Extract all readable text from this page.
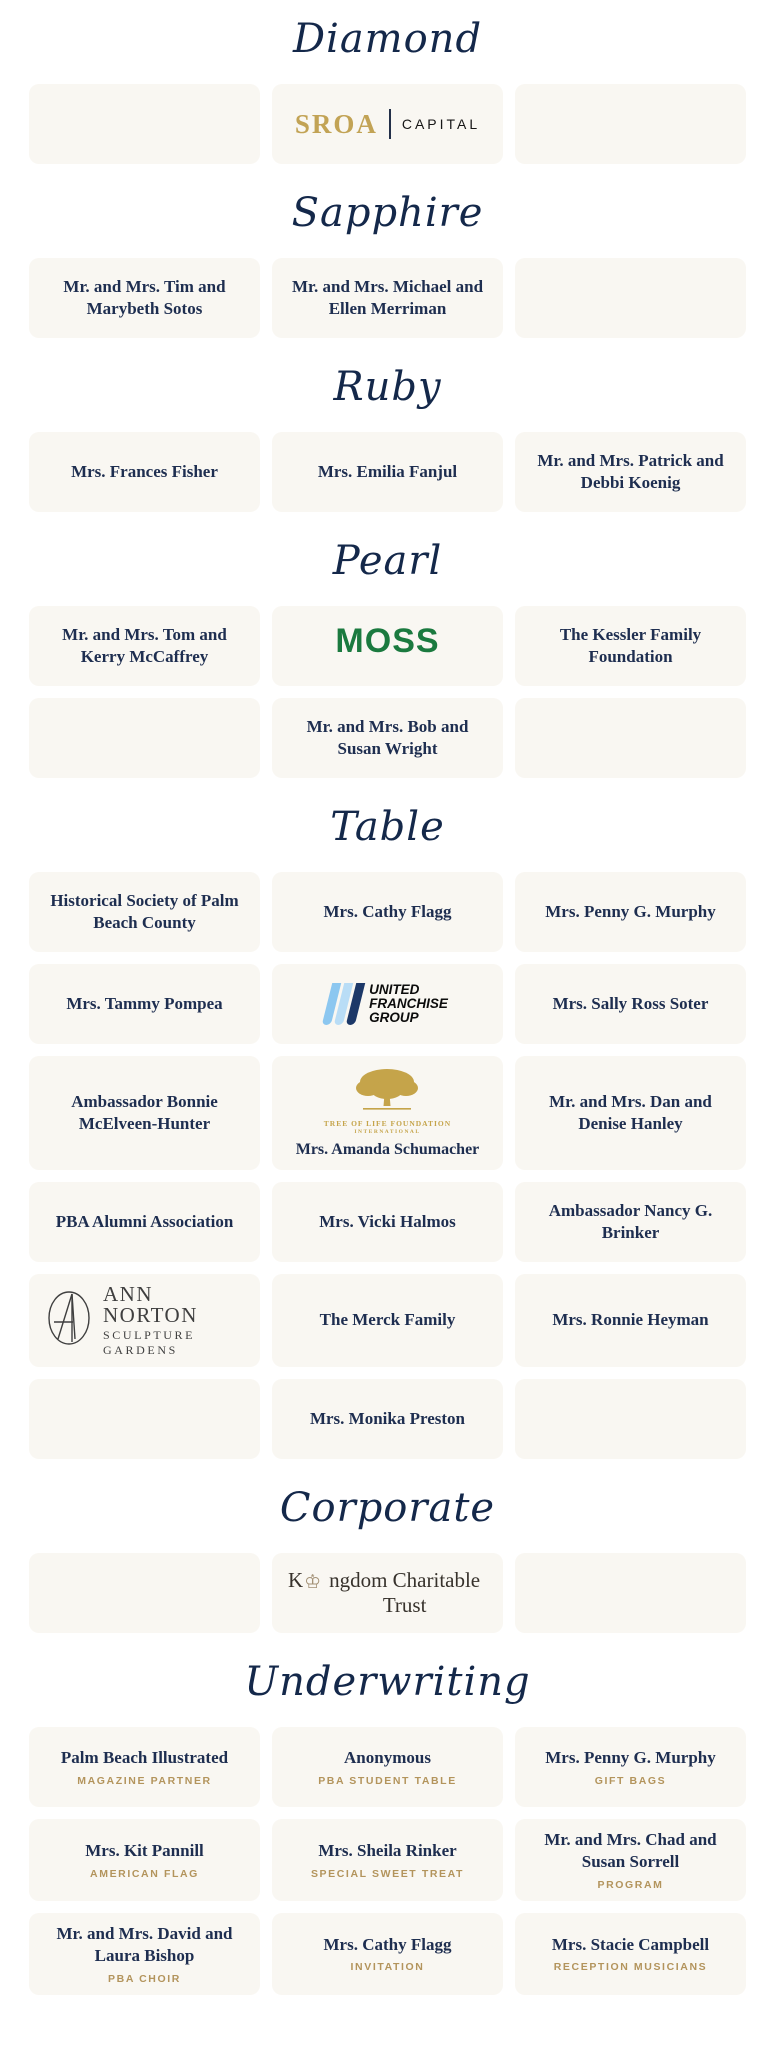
Diamond
SROA CAPITAL
Sapphire
Mr. and Mrs. Tim and Marybeth Sotos
Mr. and Mrs. Michael and Ellen Merriman
Ruby
Mrs. Frances Fisher	Mrs. Emilia Fanjul
Mr. and Mrs. Patrick and Debbi Koenig
Pearl
Mr. and Mrs. Tom and Kerry McCaffrey	M O SS	The Kessler Family Foundation
Mr. and Mrs. Bob and Susan Wright
Table
Historical Society of Palm Beach County
Mrs. Cathy Flagg	Mrs. Penny G. Murphy
Mrs. Tammy Pompea
UNITED
FRANCHISE
GROUP
Mrs. Sally Ross Soter
Ambassador Bonnie McElveen-Hunter	TREE OF LIFE FOUNDATION
INTERNATIONAL
Mrs. Amanda Schumacher
Mr. and Mrs. Dan and Denise Hanley
PBA Alumni Association	Mrs. Vicki Halmos
Ambassador Nancy G. Brinker
ANN NORTON
SCULPTURE GARDENS
The Merck Family	Mrs. Ronnie Heyman
Mrs. Monika Preston
Corporate
K ♔ ngdom Charitable Trust
Underwriting
Palm Beach Illustrated
MAGAZINE PARTNER
Anonymous
PBA STUDENT TABLE
Mrs. Penny G. Murphy
GIFT BAGS
Mrs. Kit Pannill
AMERICAN FLAG
Mrs. Sheila Rinker
SPECIAL SWEET TREAT
Mr. and Mrs. Chad and Susan Sorrell
PROGRAM
Mr. and Mrs. David and Laura Bishop
PBA CHOIR
Mrs. Cathy Flagg
INVITATION
Mrs. Stacie Campbell
RECEPTION MUSICIANS
